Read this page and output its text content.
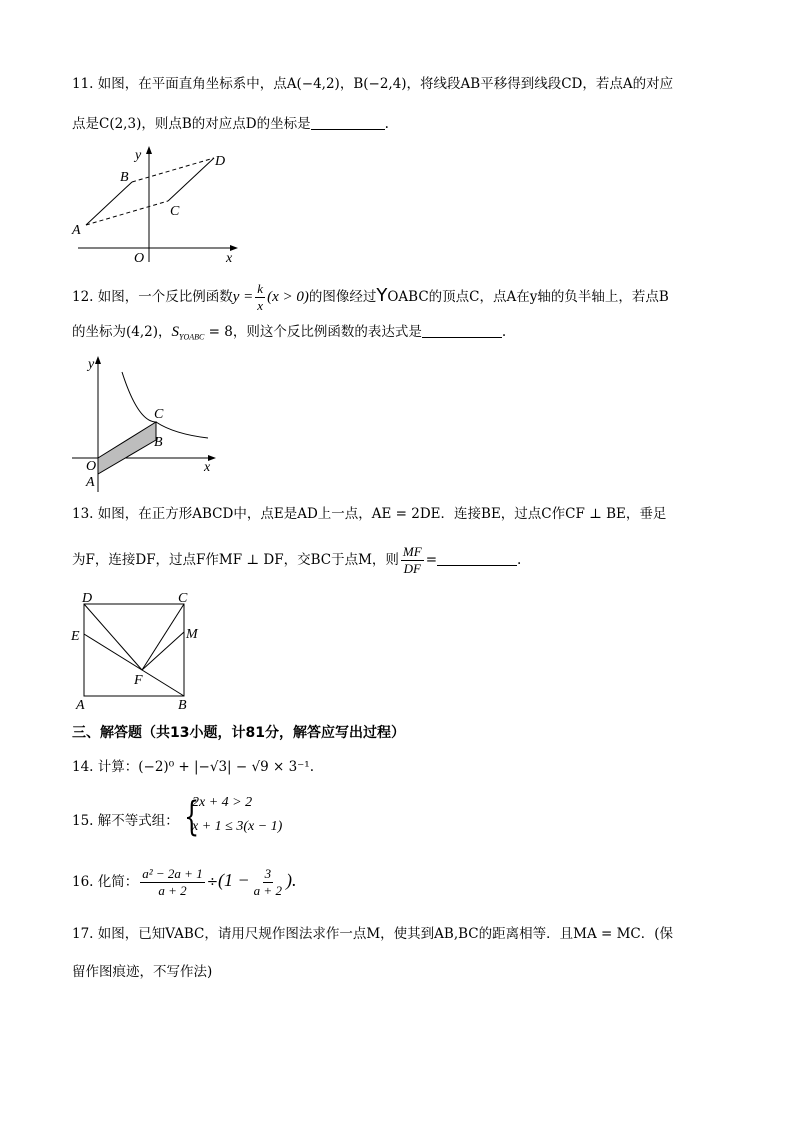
11. 如图，在平面直角坐标系中，点A(−4,2)，B(−2,4)，将线段AB平移得到线段CD，若点A的对应
点是C(2,3)，则点B的对应点D的坐标是	.
y
x
O
A
B
C
D
12. 如图，一个反比例函数$y = \frac{k}{x} (x > 0)$的图像经过YOABC的顶点C，点A在y轴的负半轴上，若点B
的坐标为(4,2)，$S_{YOABC} = 8$，则这个反比例函数的表达式是	.
y
x
O
A
B
C
13. 如图，在正方形ABCD中，点E是AD上一点，AE = 2DE．连接BE，过点C作CF ⊥ BE，垂足
为F，连接DF，过点F作MF ⊥ DF，交BC于点M，则 $\frac{MF}{DF}$ =	.
D	C
E	M
F
A	B
三、解答题（共13小题，计81分，解答应写出过程）
14. 计算：(−2)⁰ + |−√3| − √9 × 3⁻¹.
15. 解不等式组： {
2x + 4 > 2
x + 1 ≤ 3(x − 1)
16. 化简： $\frac{\text{a² − 2a + 1}}{a + 2} \div(1 - \frac{3}{a + 2}$ ).
17. 如图，已知VABC，请用尺规作图法求作一点M，使其到AB,BC的距离相等．且MA = MC．(保
留作图痕迹，不写作法)
